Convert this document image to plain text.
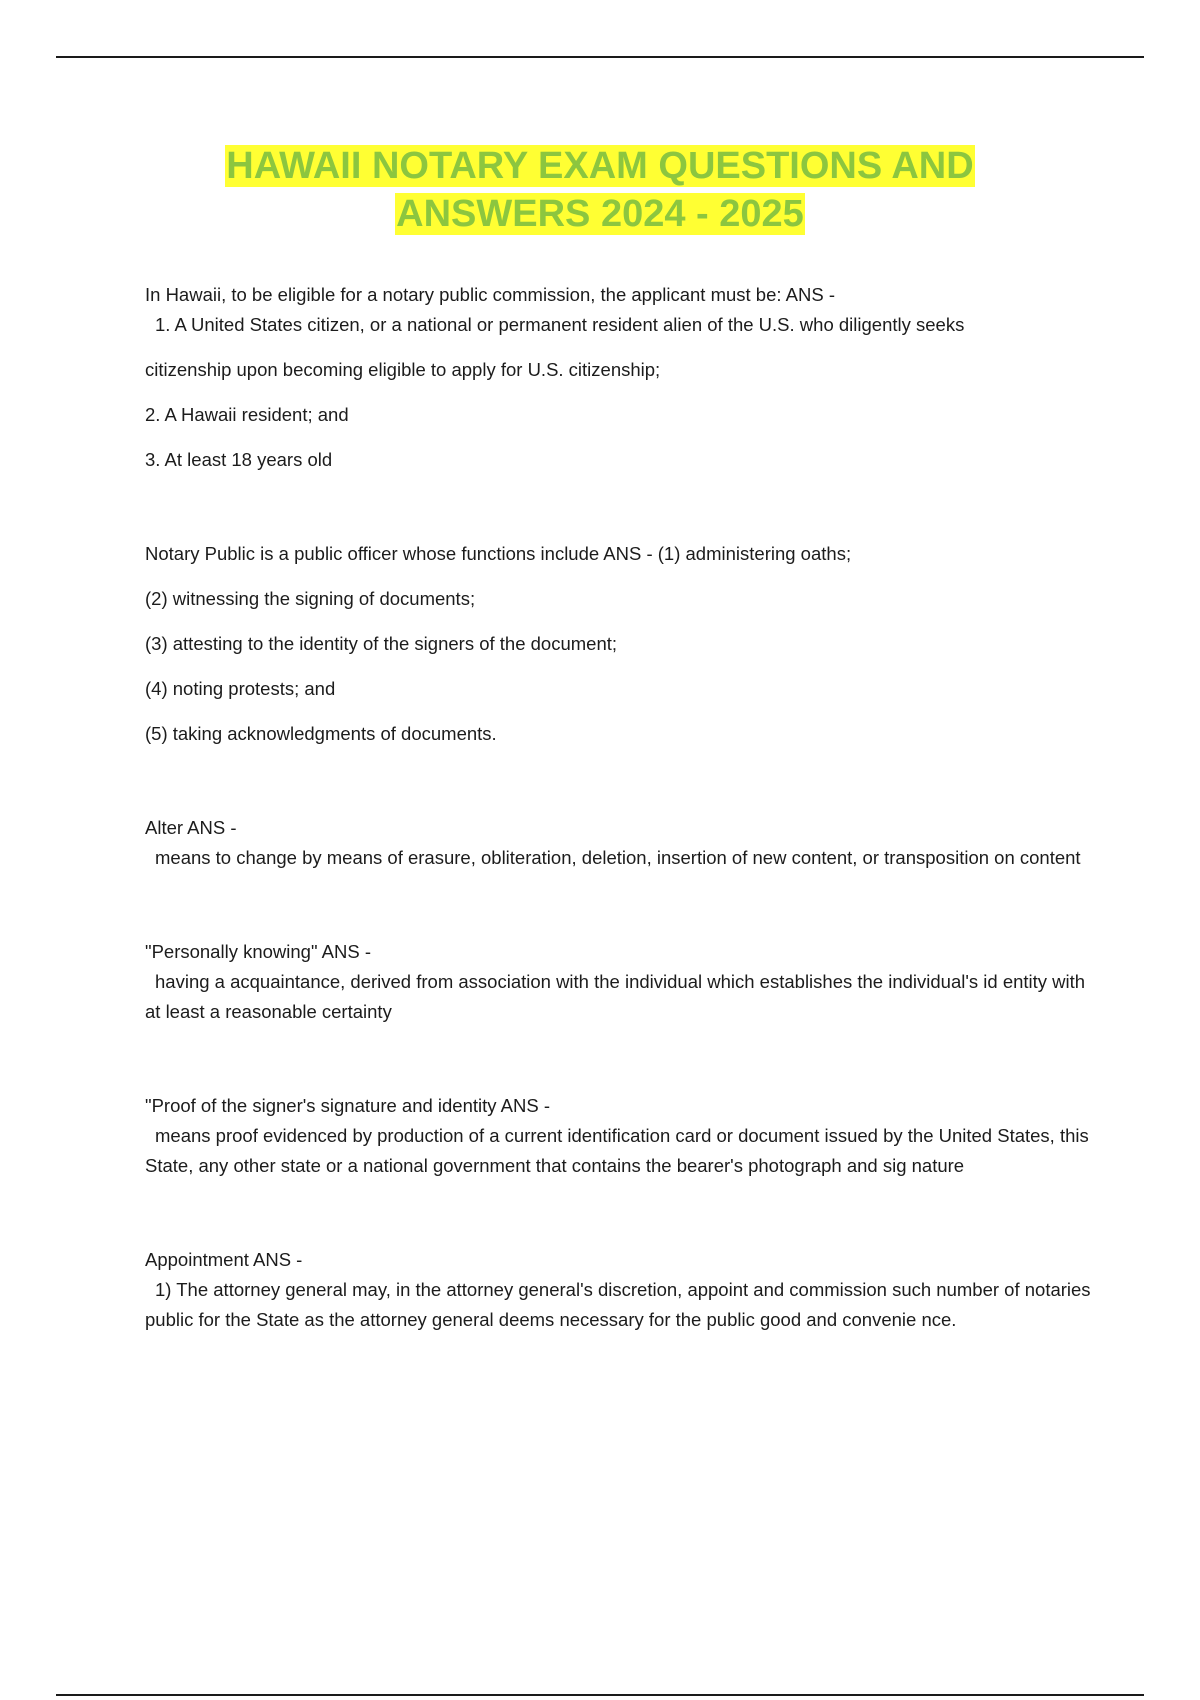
HAWAII NOTARY EXAM QUESTIONS AND
ANSWERS 2024 - 2025

In Hawaii, to be eligible for a notary public commission, the applicant must be: ANS -

1. A United States citizen, or a national or permanent resident alien of the U.S. who diligently seeks

citizenship upon becoming eligible to apply for U.S. citizenship;

2. A Hawaii resident; and

3. At least 18 years old

Notary Public is a public officer whose functions include ANS - (1) administering oaths;

(2) witnessing the signing of documents;

(3) attesting to the identity of the signers of the document;

(4) noting protests; and

(5) taking acknowledgments of documents.

Alter ANS -

means to change by means of erasure, obliteration, deletion, insertion of new content, or transposition on content

"Personally knowing" ANS -

having a acquaintance, derived from association with the individual which establishes the individual's id entity with at least a reasonable certainty

"Proof of the signer's signature and identity ANS -

means proof evidenced by production of a current identification card or document issued by the United States, this State, any other state or a national government that contains the bearer's photograph and sig nature

Appointment ANS -

1) The attorney general may, in the attorney general's discretion, appoint and commission such number of notaries public for the State as the attorney general deems necessary for the public good and convenie nce.
